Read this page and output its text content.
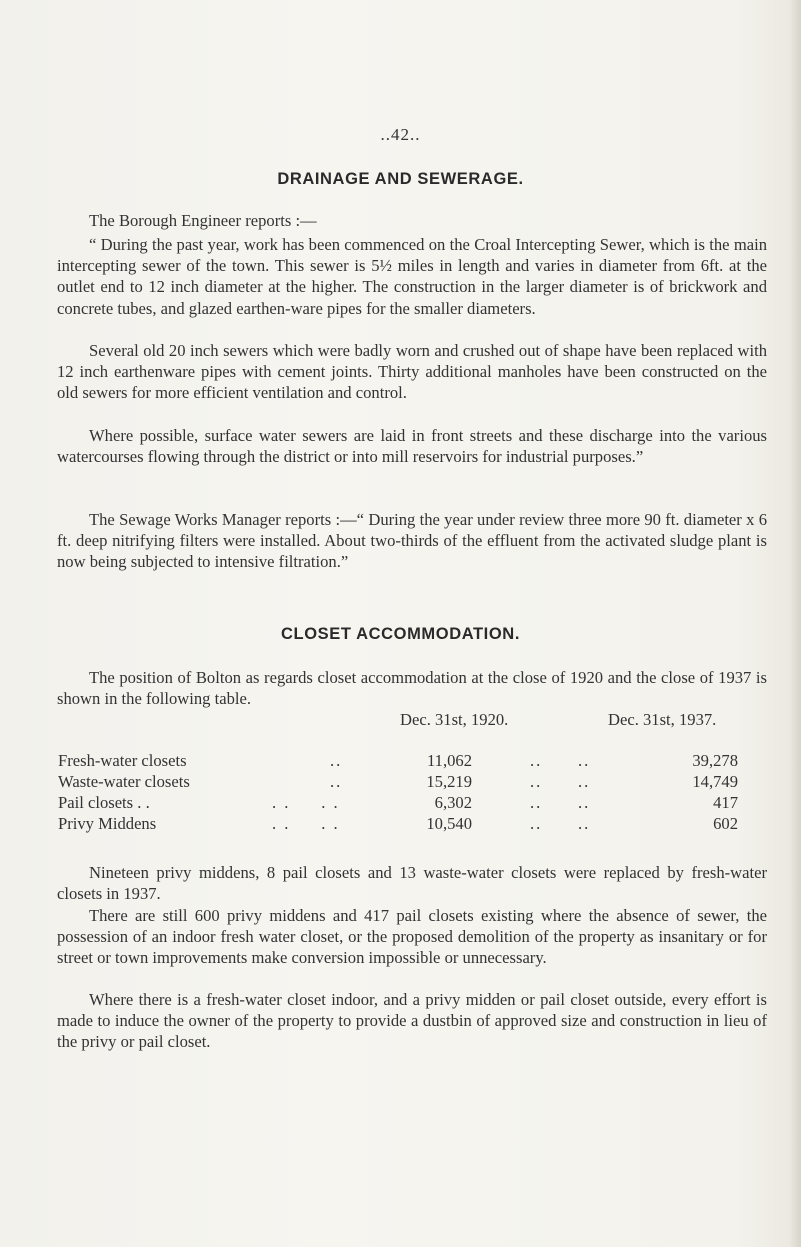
..42..
DRAINAGE AND SEWERAGE.

The Borough Engineer reports :—

“ During the past year, work has been commenced on the Croal Intercepting Sewer, which is the main intercepting sewer of the town. This sewer is 5½ miles in length and varies in diameter from 6ft. at the outlet end to 12 inch diameter at the higher. The construction in the larger diameter is of brickwork and concrete tubes, and glazed earthen-ware pipes for the smaller diameters.

Several old 20 inch sewers which were badly worn and crushed out of shape have been replaced with 12 inch earthenware pipes with cement joints. Thirty additional manholes have been constructed on the old sewers for more efficient ventilation and control.

Where possible, surface water sewers are laid in front streets and these discharge into the various watercourses flowing through the district or into mill reservoirs for industrial purposes.”

The Sewage Works Manager reports :—“ During the year under review three more 90 ft. diameter x 6 ft. deep nitrifying filters were installed. About two-thirds of the effluent from the activated sludge plant is now being subjected to intensive filtration.”

CLOSET ACCOMMODATION.

The position of Bolton as regards closet accommodation at the close of 1920 and the close of 1937 is shown in the following table.

Dec. 31st, 1920.	Dec. 31st, 1937.
Fresh-water closets	..	11,062	.. ..	39,278
Waste-water closets	..	15,219	.. ..	14,749
Pail closets . .	. .     . .	6,302	.. ..	417
Privy Middens	. .     . .	10,540	.. ..	602

Nineteen privy middens, 8 pail closets and 13 waste-water closets were replaced by fresh-water closets in 1937.

There are still 600 privy middens and 417 pail closets existing where the absence of sewer, the possession of an indoor fresh water closet, or the proposed demolition of the property as insanitary or for street or town improvements make conversion impossible or unnecessary.

Where there is a fresh-water closet indoor, and a privy midden or pail closet outside, every effort is made to induce the owner of the property to provide a dustbin of approved size and construction in lieu of the privy or pail closet.
